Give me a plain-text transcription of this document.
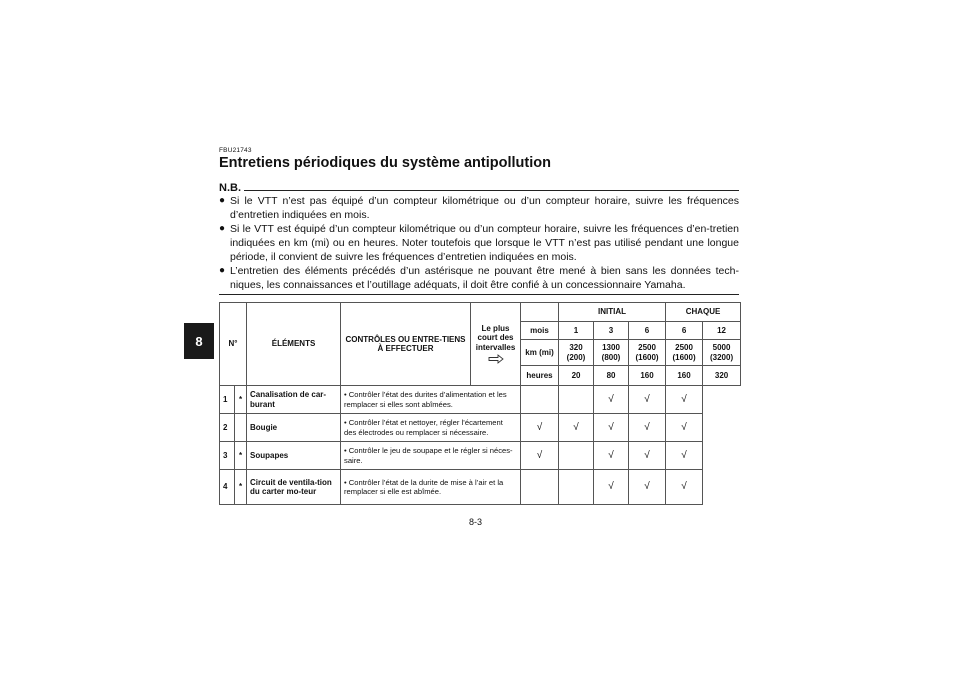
8
FBU21743
Entretiens périodiques du système antipollution
N.B.
● Si le VTT n’est pas équipé d’un compteur kilométrique ou d’un compteur horaire, suivre les fréquences d’entretien indiquées en mois.
● Si le VTT est équipé d’un compteur kilométrique ou d’un compteur horaire, suivre les fréquences d’en-tretien indiquées en km (mi) ou en heures. Noter toutefois que lorsque le VTT n’est pas utilisé pendant une longue période, il convient de suivre les fréquences d’entretien indiquées en mois.
● L’entretien des éléments précédés d’un astérisque ne pouvant être mené à bien sans les données tech-niques, les connaissances et l’outillage adéquats, il doit être confié à un concessionnaire Yamaha.
N°		ÉLÉMENTS	CONTRÔLES OU ENTRE-TIENS À EFFECTUER	Le plus court des intervalles		INITIAL			CHAQUE	
					mois	1	3	6	6	12
					km (mi)	320 (200)	1300 (800)	2500 (1600)	2500 (1600)	5000 (3200)
					heures	20	80	160	160	320
1	*	Canalisation de car-burant	• Contrôler l’état des durites d’alimentation et les remplacer si elles sont abîmées.				√	√	√	
2		Bougie	• Contrôler l’état et nettoyer, régler l’écartement des électrodes ou remplacer si nécessaire.		√	√	√	√	√	
3	*	Soupapes	• Contrôler le jeu de soupape et le régler si néces-saire.		√		√	√	√	
4	*	Circuit de ventila-tion du carter mo-teur	• Contrôler l’état de la durite de mise à l’air et la remplacer si elle est abîmée.				√	√	√	
8-3
